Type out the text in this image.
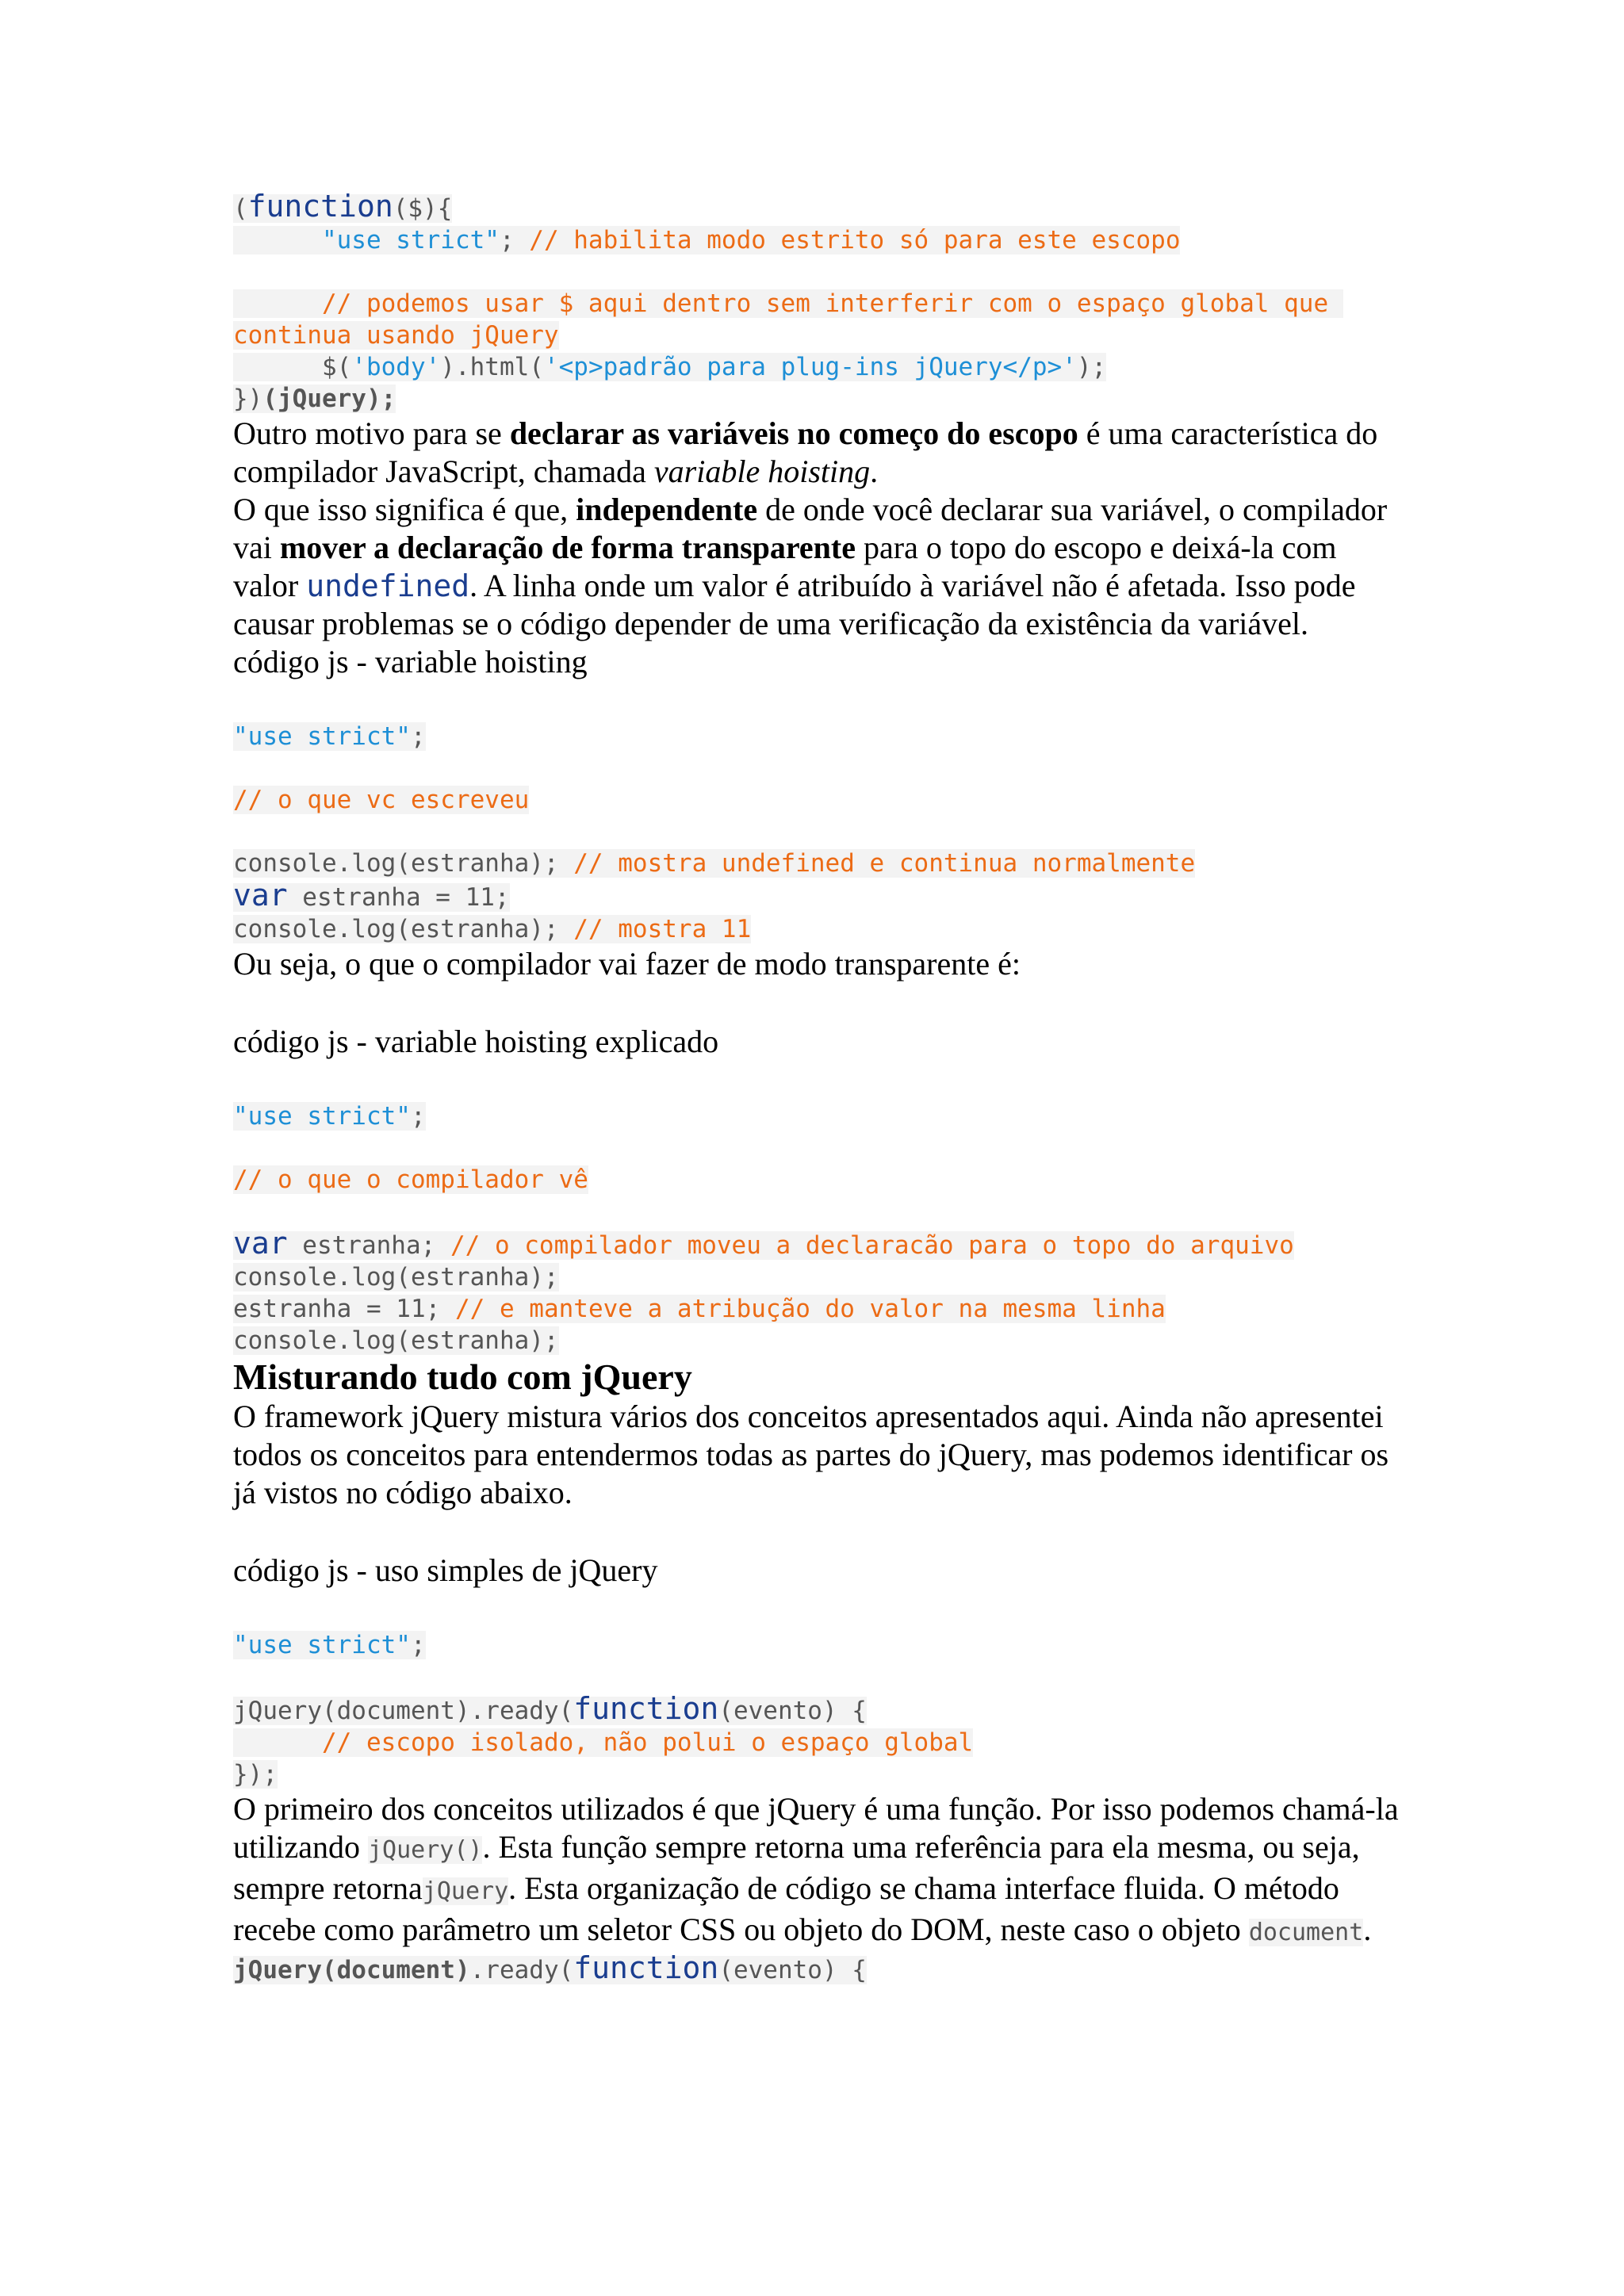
(function($){
"use strict"; // habilita modo estrito só para este escopo
// podemos usar $ aqui dentro sem interferir com o espaço global que continua usando jQuery
$('body').html('<p>padrão para plug-ins jQuery</p>');
})(jQuery);

Outro motivo para se declarar as variáveis no começo do escopo é uma característica do compilador JavaScript, chamada variable hoisting.

O que isso significa é que, independente de onde você declarar sua variável, o compilador vai mover a declaração de forma transparente para o topo do escopo e deixá-la com valor undefined. A linha onde um valor é atribuído à variável não é afetada. Isso pode causar problemas se o código depender de uma verificação da existência da variável.

código js - variable hoisting

"use strict";
// o que vc escreveu
console.log(estranha); // mostra undefined e continua normalmente
var estranha = 11;
console.log(estranha); // mostra 11

Ou seja, o que o compilador vai fazer de modo transparente é:

código js - variable hoisting explicado

"use strict";
// o que o compilador vê
var estranha; // o compilador moveu a declaracão para o topo do arquivo
console.log(estranha);
estranha = 11; // e manteve a atribução do valor na mesma linha
console.log(estranha);
Misturando tudo com jQuery

O framework jQuery mistura vários dos conceitos apresentados aqui. Ainda não apresentei todos os conceitos para entendermos todas as partes do jQuery, mas podemos identificar os já vistos no código abaixo.

código js - uso simples de jQuery

"use strict";
jQuery(document).ready(function(evento) {
// escopo isolado, não polui o espaço global
});

O primeiro dos conceitos utilizados é que jQuery é uma função. Por isso podemos chamá-la utilizando jQuery(). Esta função sempre retorna uma referência para ela mesma, ou seja, sempre retornajQuery. Esta organização de código se chama interface fluida. O método recebe como parâmetro um seletor CSS ou objeto do DOM, neste caso o objeto document.

jQuery(document).ready(function(evento) {
